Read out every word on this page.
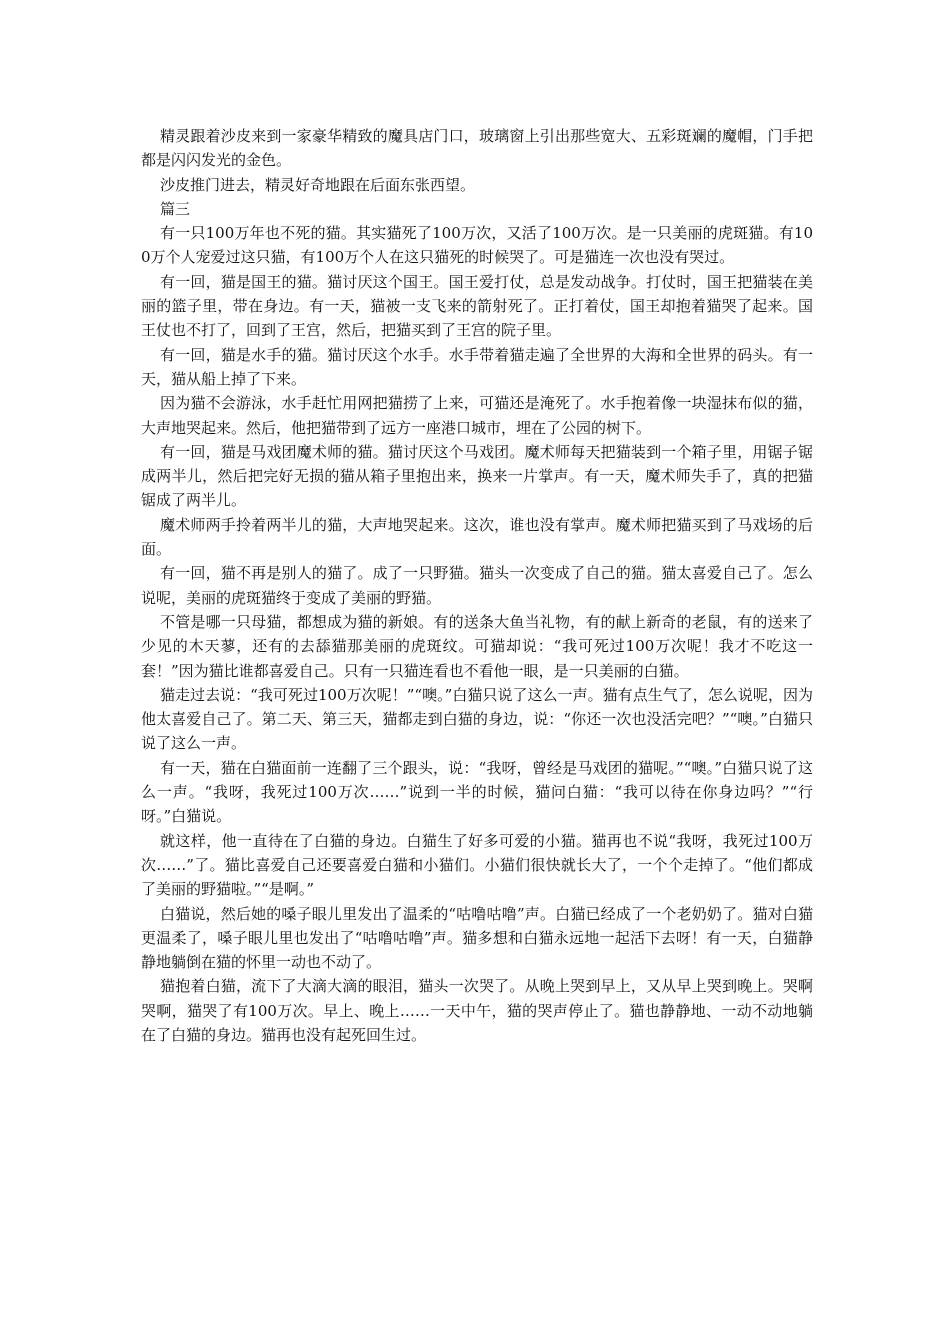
精灵跟着沙皮来到一家豪华精致的魔具店门口，玻璃窗上引出那些宽大、五彩斑斓的魔帽，门手把都是闪闪发光的金色。

沙皮推门进去，精灵好奇地跟在后面东张西望。

篇三

有一只100万年也不死的猫。其实猫死了100万次，又活了100万次。是一只美丽的虎斑猫。有100万个人宠爱过这只猫，有100万个人在这只猫死的时候哭了。可是猫连一次也没有哭过。

有一回，猫是国王的猫。猫讨厌这个国王。国王爱打仗，总是发动战争。打仗时，国王把猫装在美丽的篮子里，带在身边。有一天，猫被一支飞来的箭射死了。正打着仗，国王却抱着猫哭了起来。国王仗也不打了，回到了王宫，然后，把猫买到了王宫的院子里。

有一回，猫是水手的猫。猫讨厌这个水手。水手带着猫走遍了全世界的大海和全世界的码头。有一天，猫从船上掉了下来。

因为猫不会游泳，水手赶忙用网把猫捞了上来，可猫还是淹死了。水手抱着像一块湿抹布似的猫，大声地哭起来。然后，他把猫带到了远方一座港口城市，埋在了公园的树下。

有一回，猫是马戏团魔术师的猫。猫讨厌这个马戏团。魔术师每天把猫装到一个箱子里，用锯子锯成两半儿，然后把完好无损的猫从箱子里抱出来，换来一片掌声。有一天，魔术师失手了，真的把猫锯成了两半儿。

魔术师两手拎着两半儿的猫，大声地哭起来。这次，谁也没有掌声。魔术师把猫买到了马戏场的后面。

有一回，猫不再是别人的猫了。成了一只野猫。猫头一次变成了自己的猫。猫太喜爱自己了。怎么说呢，美丽的虎斑猫终于变成了美丽的野猫。

不管是哪一只母猫，都想成为猫的新娘。有的送条大鱼当礼物，有的献上新奇的老鼠，有的送来了少见的木天蓼，还有的去舔猫那美丽的虎斑纹。可猫却说：“我可死过100万次呢！我才不吃这一套！”因为猫比谁都喜爱自己。只有一只猫连看也不看他一眼，是一只美丽的白猫。

猫走过去说：“我可死过100万次呢！”“噢。”白猫只说了这么一声。猫有点生气了，怎么说呢，因为他太喜爱自己了。第二天、第三天，猫都走到白猫的身边，说：“你还一次也没活完吧？”“噢。”白猫只说了这么一声。

有一天，猫在白猫面前一连翻了三个跟头，说：“我呀，曾经是马戏团的猫呢。”“噢。”白猫只说了这么一声。“我呀，我死过100万次……”说到一半的时候，猫问白猫：“我可以待在你身边吗？”“行呀。”白猫说。

就这样，他一直待在了白猫的身边。白猫生了好多可爱的小猫。猫再也不说“我呀，我死过100万次……”了。猫比喜爱自己还要喜爱白猫和小猫们。小猫们很快就长大了，一个个走掉了。“他们都成了美丽的野猫啦。”“是啊。”

白猫说，然后她的嗓子眼儿里发出了温柔的“咕噜咕噜”声。白猫已经成了一个老奶奶了。猫对白猫更温柔了，嗓子眼儿里也发出了“咕噜咕噜”声。猫多想和白猫永远地一起活下去呀！有一天，白猫静静地躺倒在猫的怀里一动也不动了。

猫抱着白猫，流下了大滴大滴的眼泪，猫头一次哭了。从晚上哭到早上，又从早上哭到晚上。哭啊哭啊，猫哭了有100万次。早上、晚上……一天中午，猫的哭声停止了。猫也静静地、一动不动地躺在了白猫的身边。猫再也没有起死回生过。
